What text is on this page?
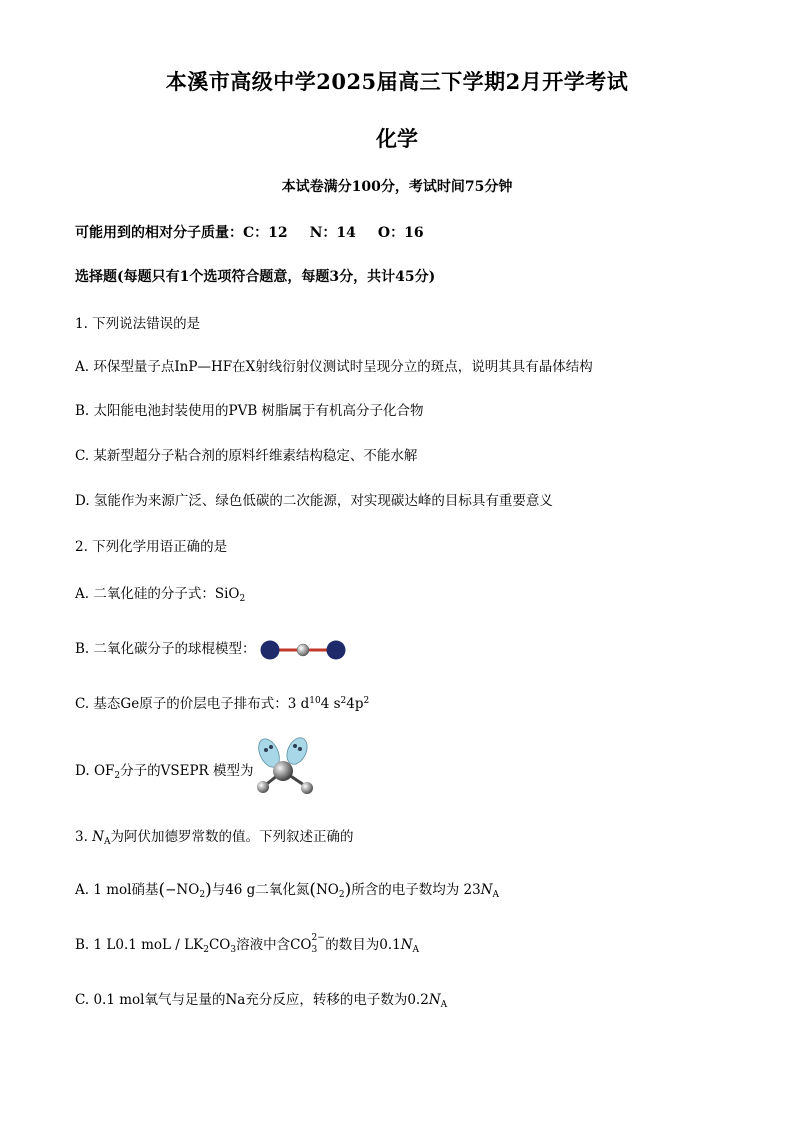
本溪市高级中学2025届高三下学期2月开学考试
化学
本试卷满分100分，考试时间75分钟
可能用到的相对分子质量：C：12 N：14 O：16
选择题(每题只有1个选项符合题意，每题3分，共计45分)
1. 下列说法错误的是
A. 环保型量子点InP—HF在X射线衍射仪测试时呈现分立的斑点，说明其具有晶体结构
B. 太阳能电池封装使用的PVB 树脂属于有机高分子化合物
C. 某新型超分子粘合剂的原料纤维素结构稳定、不能水解
D. 氢能作为来源广泛、绿色低碳的二次能源，对实现碳达峰的目标具有重要意义
2. 下列化学用语正确的是
A. 二氧化硅的分子式：SiO$_2$
B. 二氧化碳分子的球棍模型：
C. 基态Ge原子的价层电子排布式：3 $d^{10}4$ $s^24p^2$
D. $OF_2$分子的VSEPR 模型为
3. $N_A$为阿伏加德罗常数的值。下列叙述正确的
A. 1 mol硝基$(-NO_2)$与46 g二氧化氮$(NO_2)$所含的电子数均为 $23N_A$
B. 1 L0.1 moL / $LK_2CO_3$溶液中含$CO_3$
2− 的数目为$0.1N_A$
C. 0.1 mol氧气与足量的Na充分反应，转移的电子数为$0.2N_A$
